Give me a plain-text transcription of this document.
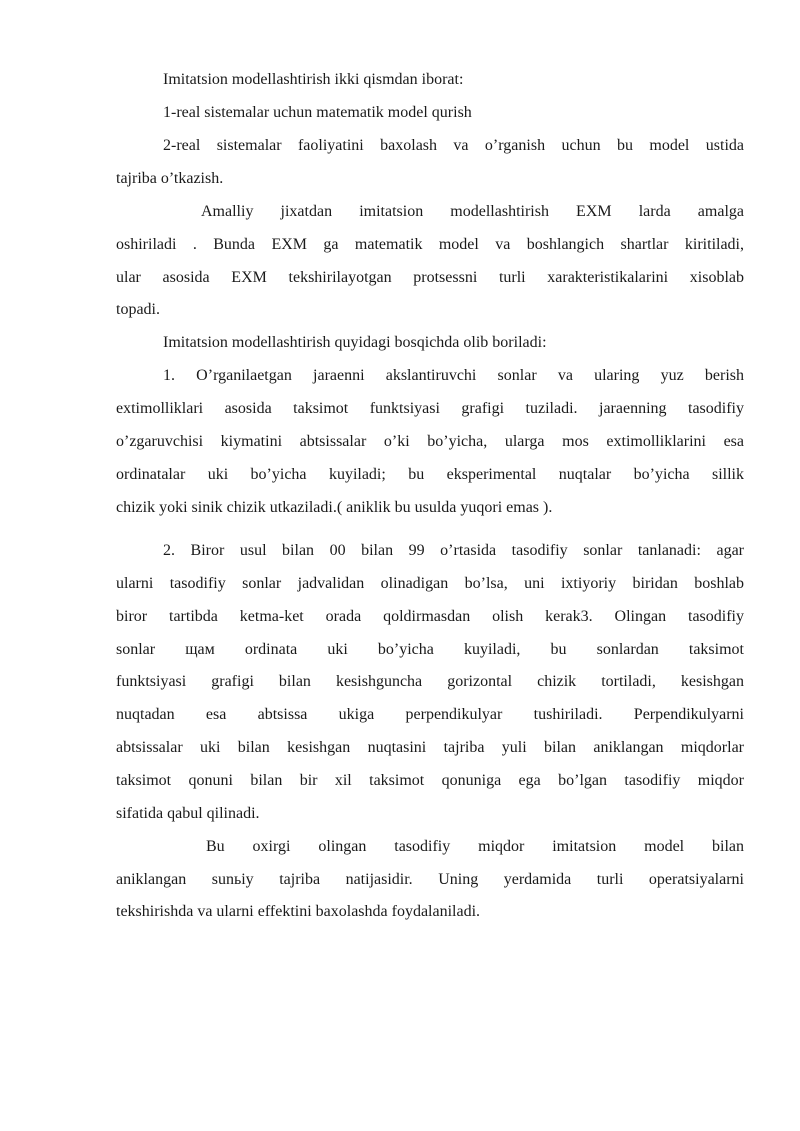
Imitatsion modellashtirish ikki qismdan iborat:
1-real sistemalar uchun matematik model qurish
2-real sistemalar faoliyatini baxolash va o’rganish uchun bu model ustida
tajriba o’tkazish.
Amalliy jixatdan imitatsion modellashtirish EXM larda amalga
oshiriladi . Bunda EXM ga matematik model va boshlangich shartlar kiritiladi,
ular asosida EXM tekshirilayotgan protsessni turli xarakteristikalarini xisoblab
topadi.
Imitatsion modellashtirish quyidagi bosqichda olib boriladi:
1. O’rganilaetgan jaraenni akslantiruvchi sonlar va ularing yuz berish
extimolliklari asosida taksimot funktsiyasi grafigi tuziladi. jaraenning tasodifiy
o’zgaruvchisi kiymatini abtsissalar o’ki bo’yicha, ularga mos extimolliklarini esa
ordinatalar uki bo’yicha kuyiladi; bu eksperimental nuqtalar bo’yicha sillik
chizik yoki sinik chizik utkaziladi.( aniklik bu usulda yuqori emas ).
2. Biror usul bilan 00 bilan 99 o’rtasida tasodifiy sonlar tanlanadi: agar
ularni tasodifiy sonlar jadvalidan olinadigan bo’lsa, uni ixtiyoriy biridan boshlab
biror tartibda ketma-ket orada qoldirmasdan olish kerak3. Olingan tasodifiy
sonlar щам ordinata uki bo’yicha kuyiladi, bu sonlardan taksimot
funktsiyasi grafigi bilan kesishguncha gorizontal chizik tortiladi, kesishgan
nuqtadan esa abtsissa ukiga perpendikulyar tushiriladi. Perpendikulyarni
abtsissalar uki bilan kesishgan nuqtasini tajriba yuli bilan aniklangan miqdorlar
taksimot qonuni bilan bir xil taksimot qonuniga ega bo’lgan tasodifiy miqdor
sifatida qabul qilinadi.
Bu oxirgi olingan tasodifiy miqdor imitatsion model bilan
aniklangan sunьiy tajriba natijasidir. Uning yerdamida turli operatsiyalarni
tekshirishda va ularni effektini baxolashda foydalaniladi.
